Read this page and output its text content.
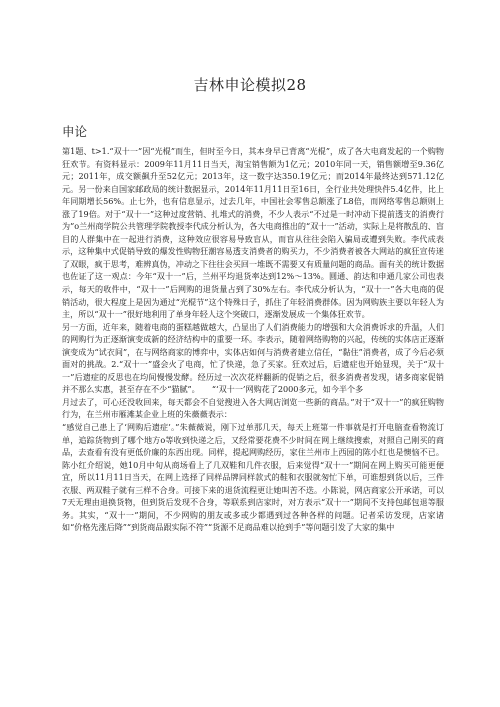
吉林申论模拟28
申论

第1题、t>1.“双十一”因“光棍”而生，但时至今日，其本身早已背离“光棍”，成了各大电商发起的一个购物狂欢节。有资料显示：2009年11月11日当天，淘宝销售额为1亿元；2010年同一天，销售额增至9.36亿元；2011年，成交额飙升至52亿元；2013年，这一数字达350.19亿元；而2014年最终达到571.12亿元。另一份来自国家邮政局的统计数据显示，2014年11月11日至16日，全行业共处理快件5.4亿件，比上年同期增长56%。止七外，也有信息显示，过去几年，中国社会零售总额涨了L8倍，而网络零售总额则上涨了19倍。对于“双十一”这种过度营销、扎堆式的消费，不少人表示“不过是一时冲动下提前透支的消费行为”o兰州商学院公共管理学院教授李代成分析认为，各大电商推出的“双十一”活动，实际上是将散乱的、盲目的人群集中在一起进行消费，这种效应很容易导致盲从，而盲从往往会陷入骗局或遭到失败。李代成表示，这种集中式促销导致的爆发性购物狂潮容易透支消费者的购买力，不少消费者被各大网站的疯狂宣传迷了双眼，疯于思考，难辨真伪，冲动之下往往会买回一堆既不需要又有质量问题的商品。面有关的统计数据也佐证了这一观点：今年“双十一”后，兰州平均退货率达到12%〜13%。圆通、韵达和申通几家公司也表示，每天的收件中，“双十一”后网购的退货量占到了30%左右。李代成分析认为，“双十一”各大电商的促销活动，很大程度上是因为通过“光棍节”这个特殊日子，抓住了年轻消费群体。因为网购族主要以年轻人为主，所以“双十一”很好地利用了单身年轻人这个突破口，逐渐发展成一个集体狂欢节。

另一方面，近年来，随着电商的蛋糕越做越大，凸显出了人们消费能力的增强和大众消费诉求的升温，人们的网购行为正逐渐演变成新的经济结构中的重要一环。李表示，随着网络购物的兴起，传统的实体店正逐渐演变成为“试衣间”，在与网络商家的博弈中，实体店如何与消费者建立信任，“黏住”消费者，成了今后必须面对的挑战。2.“双十一”盛会火了电商，忙了快递，急了买家。狂欢过后，后遗症也开始显现，关于“双十一”后遗症的反思也在均间慢慢发酵。经历过一次次花样翻新的促销之后，很多消费者发现，诸多商家促销并不那么实惠，甚至存在不少“猫腻”。　　“‘双十一’网购花了2000多元，如今半个多

月过去了，可心还没收回来，每天都会不自觉搜进入各大网店浏览一些新的商品。”对于“双十一”的疯狂购物行为，在兰州市雁滩某企业上班的朱薇薇表示：

“感觉自己患上了‘网购后遗症’。”朱薇薇说，刚下过单那几天，每天上班第一件事就是打开电脑查看物流订单，追踪货物到了哪个地方o等收到快递之后，又经常要花费不少时间在网上继续搜索，对照自己刚买的商品，去查看有没有更低价廉的东西出现。同样，提起网购经历，家住兰州市上西园的陈小红也是懊恼不已。陈小红介绍说，她10月中旬从商场看上了几双鞋和几件衣服，后来觉得“双十一”期间在网上购买可能更便宜，所以11月11日当天，在网上选择了同样品牌同样款式的鞋和衣服就匆忙下单，可谁想到货以后，三件衣服、两双鞋子就有三样不合身。可接下来的退货流程更让她叫苦不迭。小陈说，网店商家公开承诺，可以7天无理由退换货物，但到货后发现不合身，等联系到店家时，对方表示“双十一”期间不支持包邮包退等服务。其实，“双十一”期间，不少网购的朋友或多或少都遇到过各种各样的问题。记者采访发现，店家诸如“价格先涨后降”“到货商品跟实际不符”“货源不足商品难以抢到手”等问题引发了大家的集中
